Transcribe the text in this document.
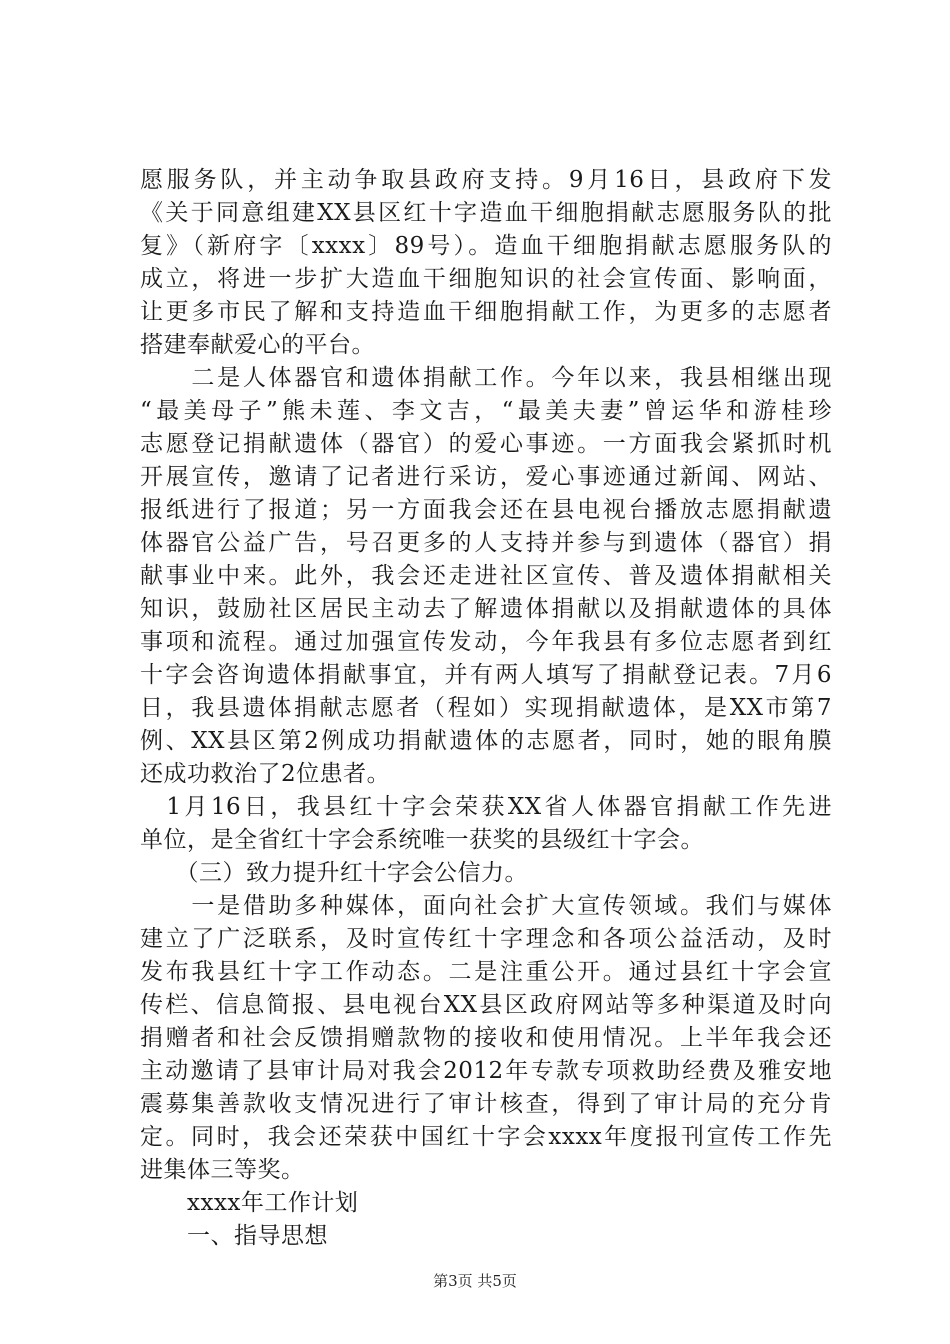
愿服务队，并主动争取县政府支持。9月16日，县政府下发
《关于同意组建XX县区红十字造血干细胞捐献志愿服务队的批
复》（新府字〔xxxx〕89号）。造血干细胞捐献志愿服务队的
成立，将进一步扩大造血干细胞知识的社会宣传面、影响面，
让更多市民了解和支持造血干细胞捐献工作，为更多的志愿者
搭建奉献爱心的平台。
　　二是人体器官和遗体捐献工作。今年以来，我县相继出现
“最美母子”熊未莲、李文吉，“最美夫妻”曾运华和游桂珍
志愿登记捐献遗体（器官）的爱心事迹。一方面我会紧抓时机
开展宣传，邀请了记者进行采访，爱心事迹通过新闻、网站、
报纸进行了报道；另一方面我会还在县电视台播放志愿捐献遗
体器官公益广告，号召更多的人支持并参与到遗体（器官）捐
献事业中来。此外，我会还走进社区宣传、普及遗体捐献相关
知识，鼓励社区居民主动去了解遗体捐献以及捐献遗体的具体
事项和流程。通过加强宣传发动，今年我县有多位志愿者到红
十字会咨询遗体捐献事宜，并有两人填写了捐献登记表。7月6
日，我县遗体捐献志愿者（程如）实现捐献遗体，是XX市第7
例、XX县区第2例成功捐献遗体的志愿者，同时，她的眼角膜
还成功救治了2位患者。
　1月16日，我县红十字会荣获XX省人体器官捐献工作先进
单位，是全省红十字会系统唯一获奖的县级红十字会。
　　（三）致力提升红十字会公信力。
　　一是借助多种媒体，面向社会扩大宣传领域。我们与媒体
建立了广泛联系，及时宣传红十字理念和各项公益活动，及时
发布我县红十字工作动态。二是注重公开。通过县红十字会宣
传栏、信息简报、县电视台XX县区政府网站等多种渠道及时向
捐赠者和社会反馈捐赠款物的接收和使用情况。上半年我会还
主动邀请了县审计局对我会2012年专款专项救助经费及雅安地
震募集善款收支情况进行了审计核查，得到了审计局的充分肯
定。同时，我会还荣获中国红十字会xxxx年度报刊宣传工作先
进集体三等奖。
　　xxxx年工作计划
　　一、指导思想
第3页 共5页
